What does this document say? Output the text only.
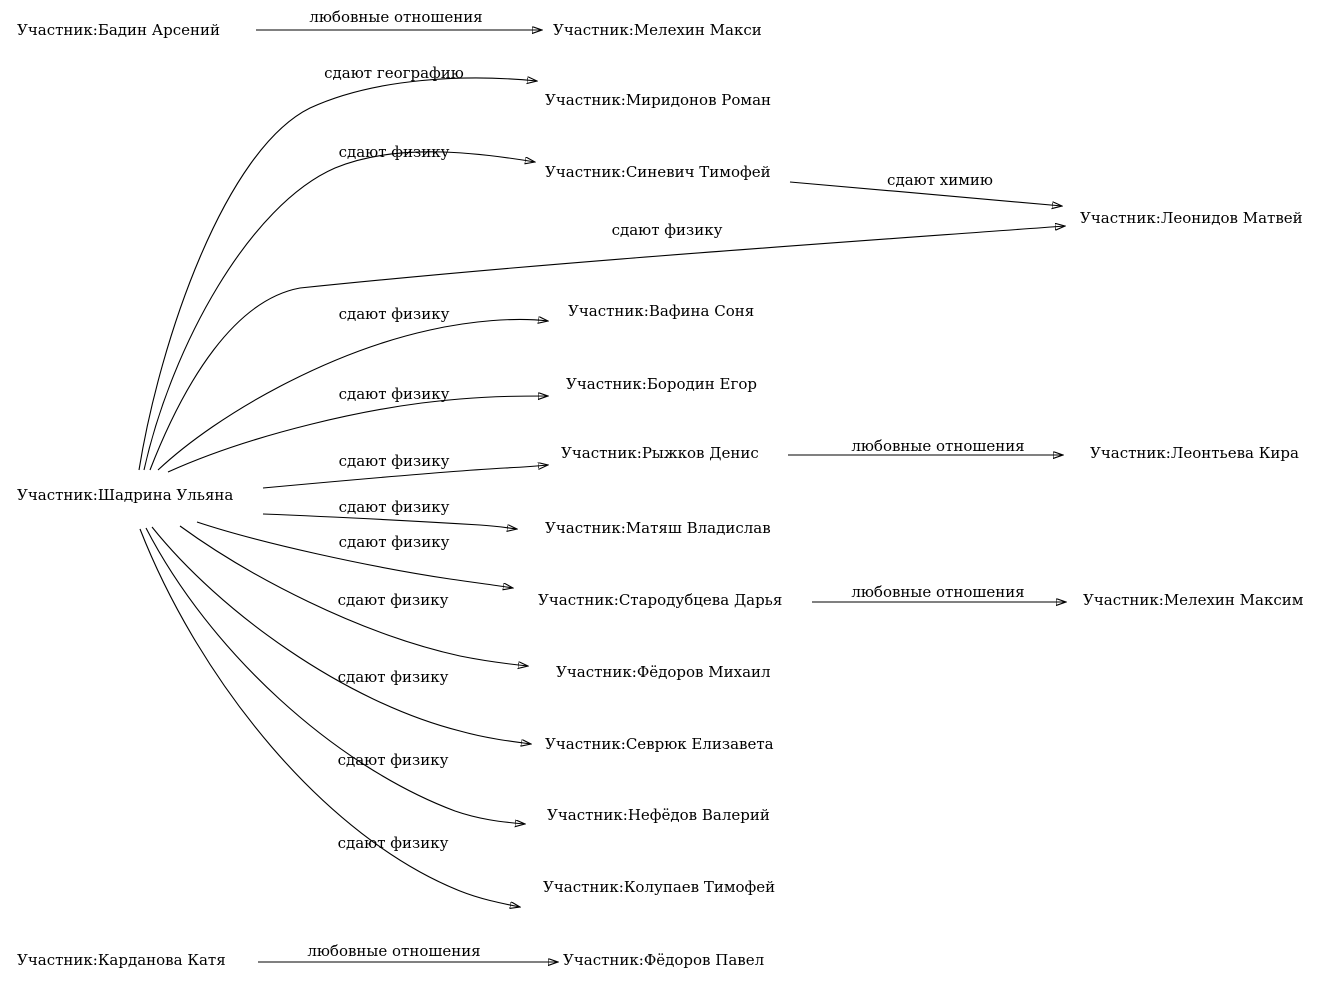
Участник:Бадин Арсений	Участник:Мелехин Макси
Участник:Миридонов Роман
Участник:Синевич Тимофей
Участник:Леонидов Матвей
Участник:Вафина Соня
Участник:Бородин Егор
Участник:Рыжков Денис	Участник:Леонтьева Кира
Участник:Шадрина Ульяна
Участник:Матяш Владислав
Участник:Стародубцева Дарья	Участник:Мелехин Максим
Участник:Фёдоров Михаил
Участник:Севрюк Елизавета
Участник:Нефёдов Валерий
Участник:Колупаев Тимофей
Участник:Карданова Катя	Участник:Фёдоров Павел
любовные отношения
сдают географию
сдают физику
сдают химию
сдают физику
сдают физику
сдают физику
сдают физику
любовные отношения
сдают физику
сдают физику
любовные отношения
сдают физику
сдают физику
сдают физику
сдают физику
любовные отношения
